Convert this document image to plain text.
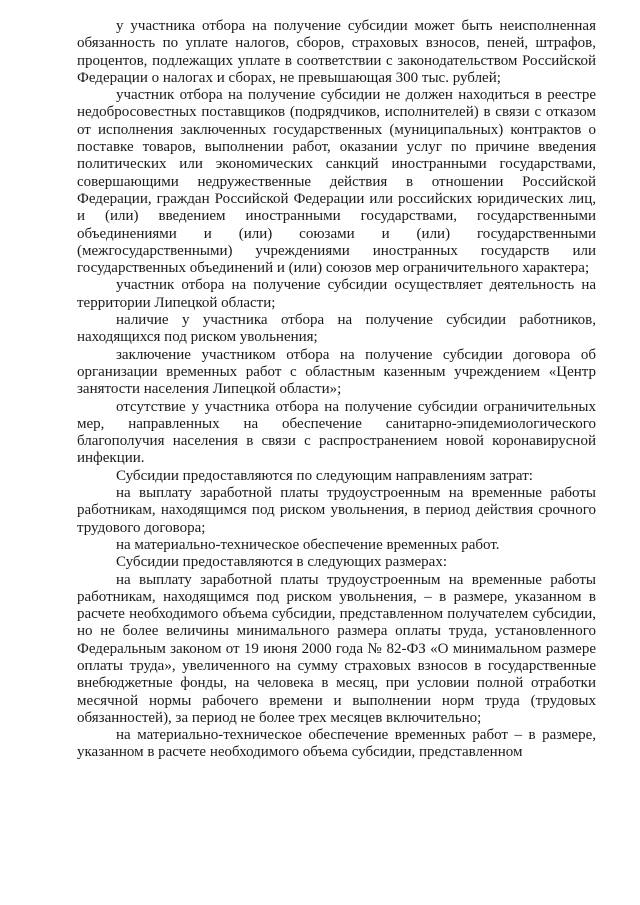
у участника отбора на получение субсидии может быть неисполненная обязанность по уплате налогов, сборов, страховых взносов, пеней, штрафов, процентов, подлежащих уплате в соответствии с законодательством Российской Федерации о налогах и сборах, не превышающая 300 тыс. рублей;

участник отбора на получение субсидии не должен находиться в реестре недобросовестных поставщиков (подрядчиков, исполнителей) в связи с отказом от исполнения заключенных государственных (муниципальных) контрактов о поставке товаров, выполнении работ, оказании услуг по причине введения политических или экономических санкций иностранными государствами, совершающими недружественные действия в отношении Российской Федерации, граждан Российской Федерации или российских юридических лиц, и (или) введением иностранными государствами, государственными объединениями и (или) союзами и (или) государственными (межгосударственными) учреждениями иностранных государств или государственных объединений и (или) союзов мер ограничительного характера;

участник отбора на получение субсидии осуществляет деятельность на территории Липецкой области;

наличие у участника отбора на получение субсидии работников, находящихся под риском увольнения;

заключение участником отбора на получение субсидии договора об организации временных работ с областным казенным учреждением «Центр занятости населения Липецкой области»;

отсутствие у участника отбора на получение субсидии ограничительных мер, направленных на обеспечение санитарно-эпидемиологического благополучия населения в связи с распространением новой коронавирусной инфекции.

Субсидии предоставляются по следующим направлениям затрат:

на выплату заработной платы трудоустроенным на временные работы работникам, находящимся под риском увольнения, в период действия срочного трудового договора;

на материально-техническое обеспечение временных работ.

Субсидии предоставляются в следующих размерах:

на выплату заработной платы трудоустроенным на временные работы работникам, находящимся под риском увольнения, – в размере, указанном в расчете необходимого объема субсидии, представленном получателем субсидии, но не более величины минимального размера оплаты труда, установленного Федеральным законом от 19 июня 2000 года № 82-ФЗ «О минимальном размере оплаты труда», увеличенного на сумму страховых взносов в государственные внебюджетные фонды, на человека в месяц, при условии полной отработки месячной нормы рабочего времени и выполнении норм труда (трудовых обязанностей), за период не более трех месяцев включительно;

на материально-техническое обеспечение временных работ – в размере, указанном в расчете необходимого объема субсидии, представленном
